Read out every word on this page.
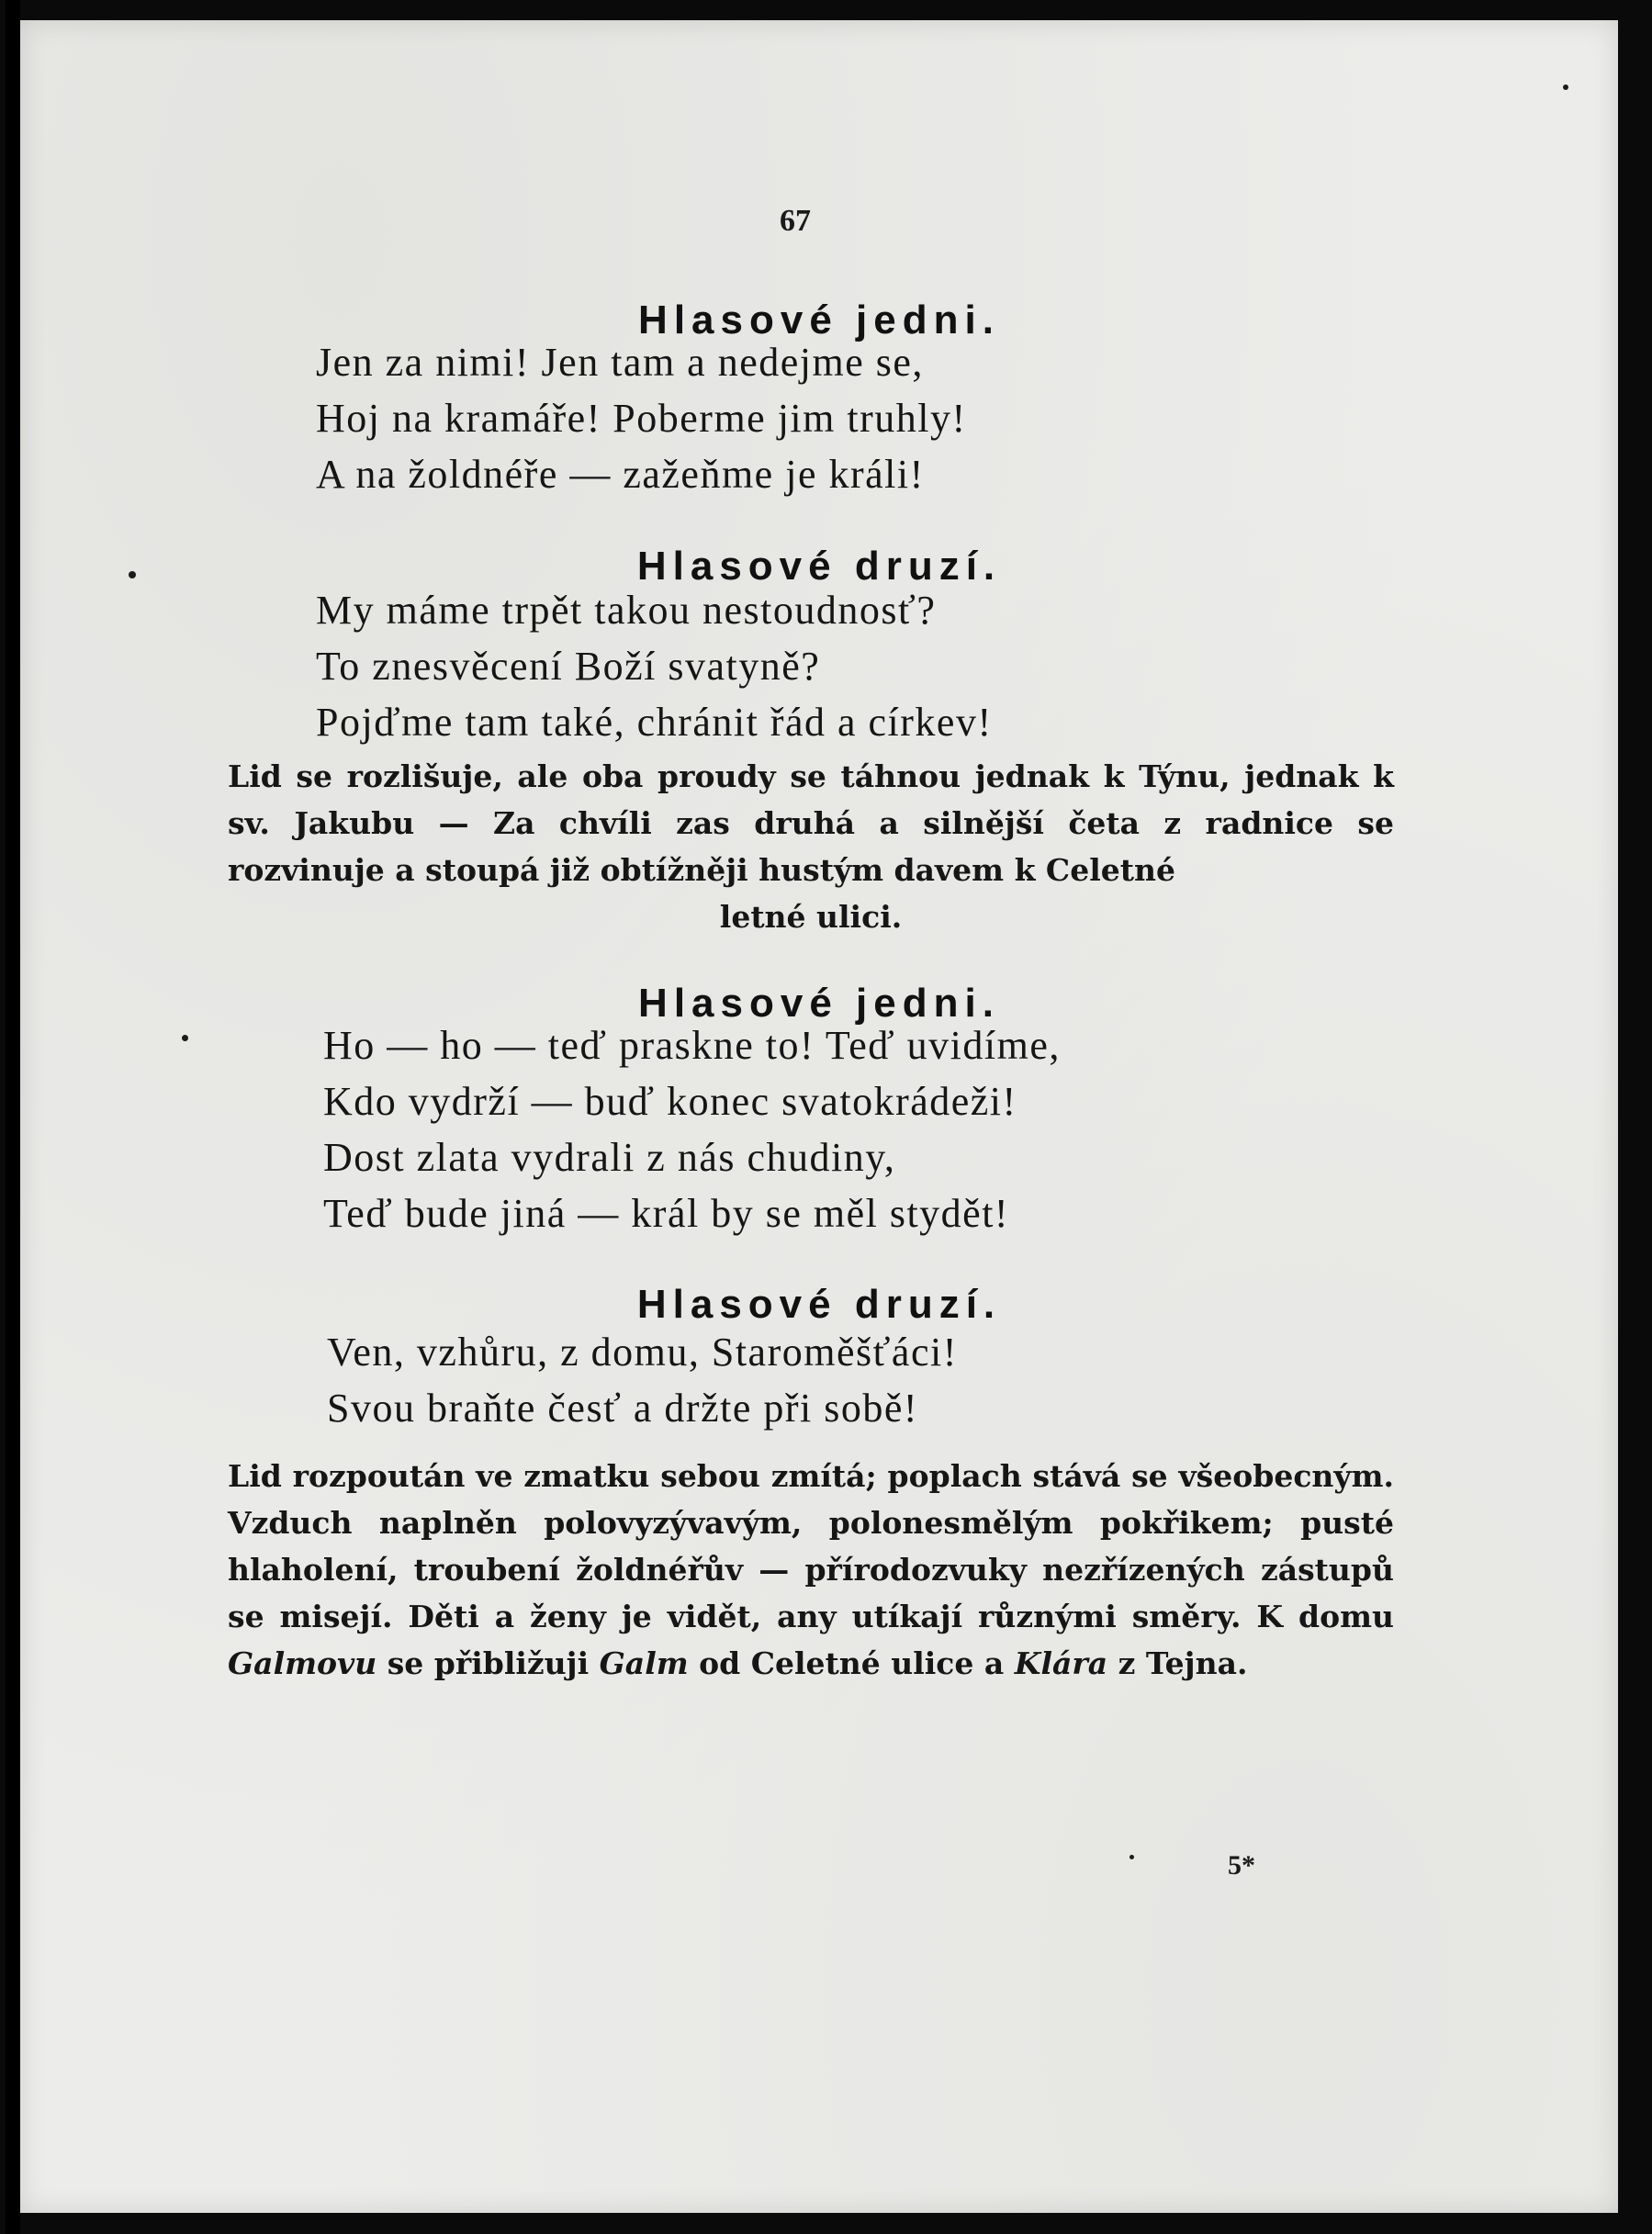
67
Hlasové jedni.
Jen za nimi! Jen tam a nedejme se,
Hoj na kramáře! Poberme jim truhly!
A na žoldnéře — zažeňme je králi!
Hlasové druzí.
My máme trpět takou nestoudnosť?
To znesvěcení Boží svatyně?
Pojďme tam také, chránit řád a církev!
Lid se rozlišuje, ale oba proudy se táhnou jednak k Týnu, jednak k sv. Jakubu — Za chvíli zas druhá a silnější četa z radnice se rozvinuje a stoupá již obtížněji hustým davem k Celetné
letné ulici.
Hlasové jedni.
Ho — ho — teď praskne to! Teď uvidíme,
Kdo vydrží — buď konec svatokrádeži!
Dost zlata vydrali z nás chudiny,
Teď bude jiná — král by se měl stydět!
Hlasové druzí.
Ven, vzhůru, z domu, Staroměšťáci!
Svou braňte česť a držte při sobě!
Lid rozpoután ve zmatku sebou zmítá; poplach stává se všeobecným. Vzduch naplněn polovyzývavým, polonesmělým pokřikem; pusté hlaholení, troubení žoldnéřův — přírodozvuky nezřízených zástupů se misejí. Děti a ženy je vidět, any utíkají různými směry. K domu Galmovu se přibližuji Galm od Celetné ulice a Klára z Tejna.
5*
